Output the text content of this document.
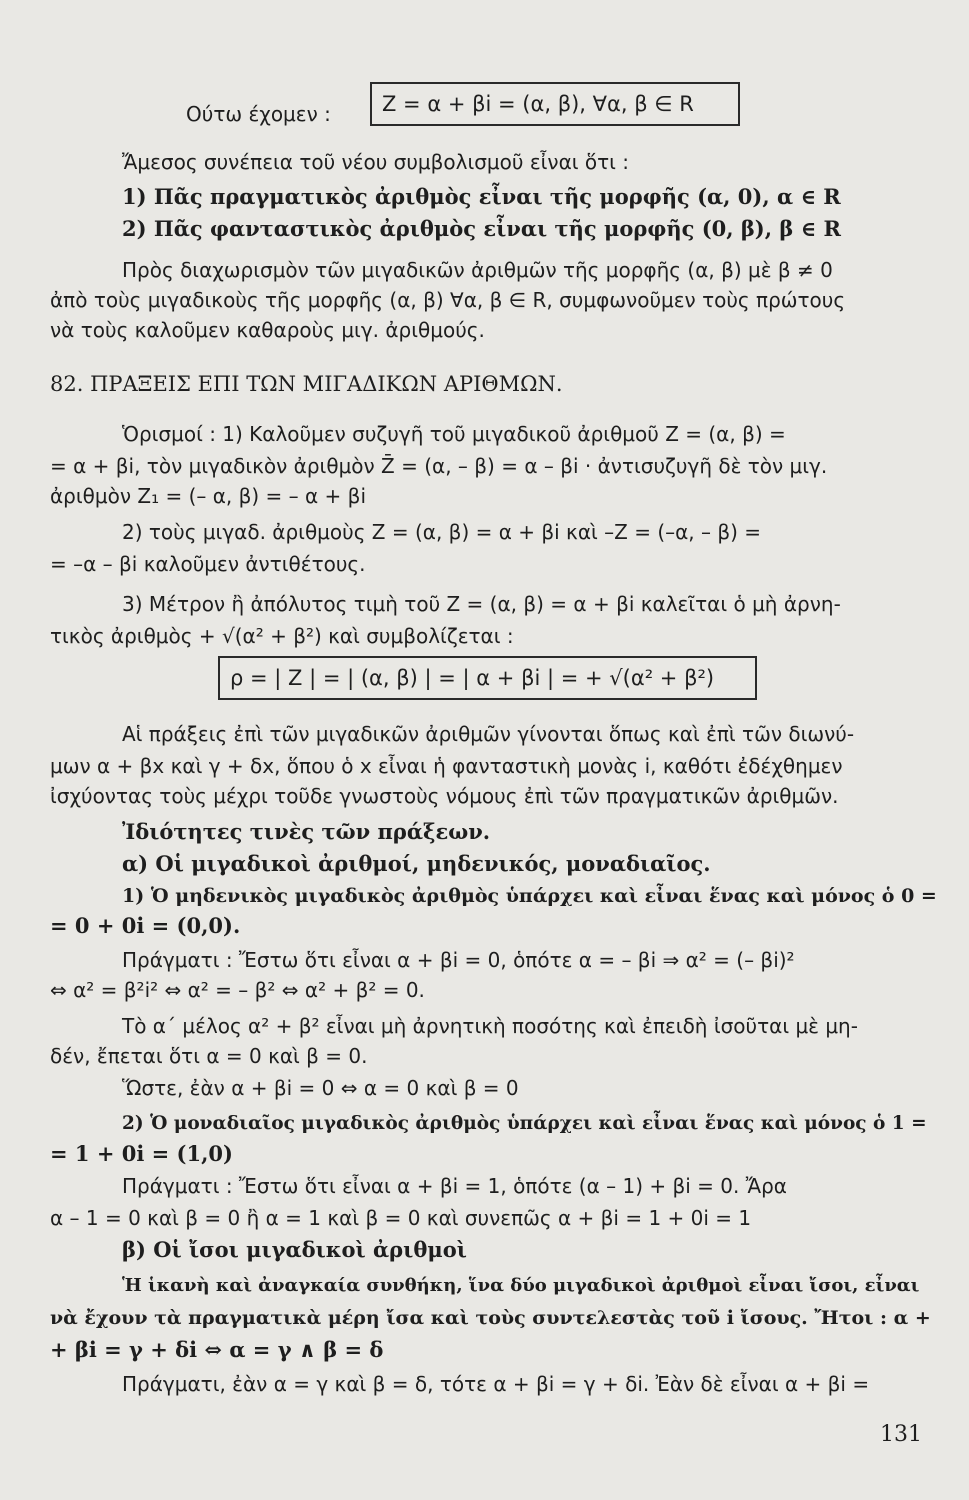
Ούτω έχομεν :
Ἄμεσος συνέπεια τοῦ νέου συμβολισμοῦ εἶναι ὅτι :
1) Πᾶς πραγματικὸς ἀριθμὸς εἶναι τῆς μορφῆς (α, 0), α ∈ R
2) Πᾶς φανταστικὸς ἀριθμὸς εἶναι τῆς μορφῆς (0, β), β ∈ R
Πρὸς διαχωρισμὸν τῶν μιγαδικῶν ἀριθμῶν τῆς μορφῆς (α, β) μὲ β ≠ 0
ἀπὸ τοὺς μιγαδικοὺς τῆς μορφῆς (α, β) ∀α, β ∈ R, συμφωνοῦμεν τοὺς πρώτους
νὰ τοὺς καλοῦμεν καθαροὺς μιγ. ἀριθμούς.
82. ΠΡΑΞΕΙΣ ΕΠΙ ΤΩΝ ΜΙΓΑΔΙΚΩΝ ΑΡΙΘΜΩΝ.
Ὁρισμοί : 1) Καλοῦμεν συζυγῆ τοῦ μιγαδικοῦ ἀριθμοῦ Z = (α, β) =
= α + βi, τὸν μιγαδικὸν ἀριθμὸν Z̄ = (α, – β) = α – βi · ἀντισυζυγῆ δὲ τὸν μιγ.
ἀριθμὸν Z₁ = (– α, β) = – α + βi
2) τοὺς μιγαδ. ἀριθμοὺς Z = (α, β) = α + βi καὶ –Z = (–α, – β) =
= –α – βi καλοῦμεν ἀντιθέτους.
3) Μέτρον ἢ ἀπόλυτος τιμὴ τοῦ Z = (α, β) = α + βi καλεῖται ὁ μὴ ἀρνη-
τικὸς ἀριθμὸς + √(α² + β²) καὶ συμβολίζεται :
Αἱ πράξεις ἐπὶ τῶν μιγαδικῶν ἀριθμῶν γίνονται ὅπως καὶ ἐπὶ τῶν διωνύ-
μων α + βx καὶ γ + δx, ὅπου ὁ x εἶναι ἡ φανταστικὴ μονὰς i, καθότι ἐδέχθημεν
ἰσχύοντας τοὺς μέχρι τοῦδε γνωστοὺς νόμους ἐπὶ τῶν πραγματικῶν ἀριθμῶν.
Ἰδιότητες τινὲς τῶν πράξεων.
α) Οἱ μιγαδικοὶ ἀριθμοί, μηδενικός, μοναδιαῖος.
1) Ὁ μηδενικὸς μιγαδικὸς ἀριθμὸς ὑπάρχει καὶ εἶναι ἕνας καὶ μόνος ὁ 0 =
= 0 + 0i = (0,0).
Πράγματι : Ἔστω ὅτι εἶναι α + βi = 0, ὁπότε α = – βi ⇒ α² = (– βi)²
⇔ α² = β²i² ⇔ α² = – β² ⇔ α² + β² = 0.
Τὸ α΄ μέλος α² + β² εἶναι μὴ ἀρνητικὴ ποσότης καὶ ἐπειδὴ ἰσοῦται μὲ μη-
δέν, ἔπεται ὅτι α = 0 καὶ β = 0.
Ὥστε, ἐὰν α + βi = 0 ⇔ α = 0 καὶ β = 0
2) Ὁ μοναδιαῖος μιγαδικὸς ἀριθμὸς ὑπάρχει καὶ εἶναι ἕνας καὶ μόνος ὁ 1 =
= 1 + 0i = (1,0)
Πράγματι : Ἔστω ὅτι εἶναι α + βi = 1, ὁπότε (α – 1) + βi = 0. Ἄρα
α – 1 = 0 καὶ β = 0 ἢ α = 1 καὶ β = 0 καὶ συνεπῶς α + βi = 1 + 0i = 1
β) Οἱ ἴσοι μιγαδικοὶ ἀριθμοὶ
Ἡ ἱκανὴ καὶ ἀναγκαία συνθήκη, ἵνα δύο μιγαδικοὶ ἀριθμοὶ εἶναι ἴσοι, εἶναι
νὰ ἔχουν τὰ πραγματικὰ μέρη ἴσα καὶ τοὺς συντελεστὰς τοῦ i ἴσους. Ἤτοι : α +
+ βi = γ + δi ⇔ α = γ ∧ β = δ
Πράγματι, ἐὰν α = γ καὶ β = δ, τότε α + βi = γ + δi. Ἐὰν δὲ εἶναι α + βi =
Z = α + βi = (α, β), ∀α, β ∈ R
ρ = | Z | = | (α, β) | = | α + βi | = + √(α² + β²)
131
